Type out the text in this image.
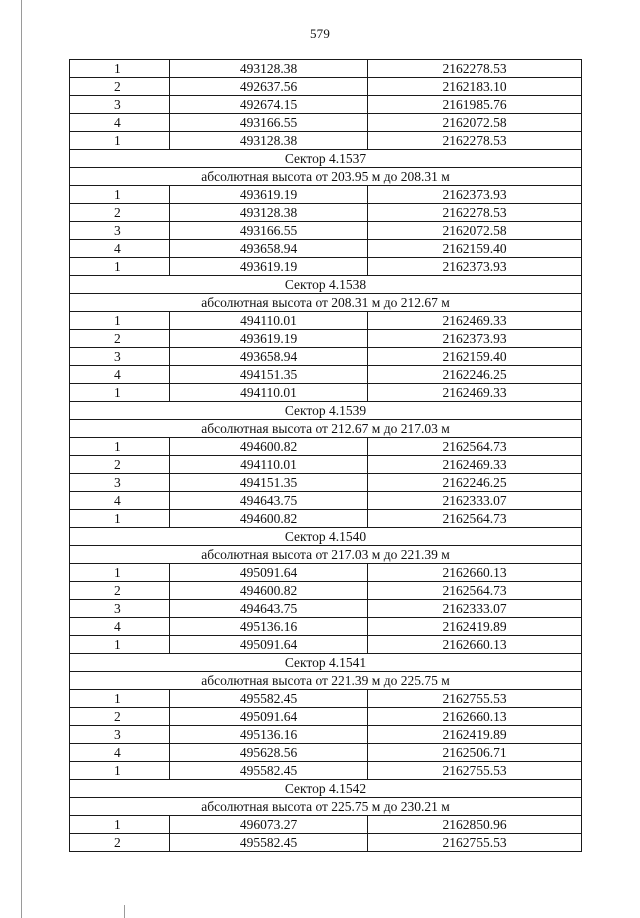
579
1	493128.38	2162278.53
2	492637.56	2162183.10
3	492674.15	2161985.76
4	493166.55	2162072.58
1	493128.38	2162278.53
Сектор 4.1537		
абсолютная высота от 203.95 м до 208.31 м		
1	493619.19	2162373.93
2	493128.38	2162278.53
3	493166.55	2162072.58
4	493658.94	2162159.40
1	493619.19	2162373.93
Сектор 4.1538		
абсолютная высота от 208.31 м до 212.67 м		
1	494110.01	2162469.33
2	493619.19	2162373.93
3	493658.94	2162159.40
4	494151.35	2162246.25
1	494110.01	2162469.33
Сектор 4.1539		
абсолютная высота от 212.67 м до 217.03 м		
1	494600.82	2162564.73
2	494110.01	2162469.33
3	494151.35	2162246.25
4	494643.75	2162333.07
1	494600.82	2162564.73
Сектор 4.1540		
абсолютная высота от 217.03 м до 221.39 м		
1	495091.64	2162660.13
2	494600.82	2162564.73
3	494643.75	2162333.07
4	495136.16	2162419.89
1	495091.64	2162660.13
Сектор 4.1541		
абсолютная высота от 221.39 м до 225.75 м		
1	495582.45	2162755.53
2	495091.64	2162660.13
3	495136.16	2162419.89
4	495628.56	2162506.71
1	495582.45	2162755.53
Сектор 4.1542		
абсолютная высота от 225.75 м до 230.21 м		
1	496073.27	2162850.96
2	495582.45	2162755.53
